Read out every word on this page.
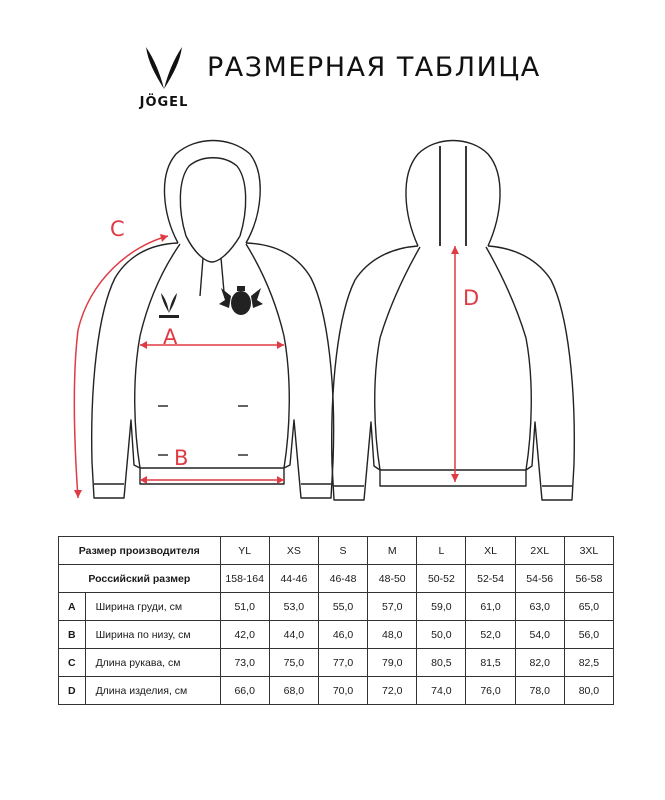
JÖGEL
РАЗМЕРНАЯ ТАБЛИЦА
A
B
C
D
Размер производителя		YL	XS	S	M	L	XL	2XL	3XL
Российский размер		158-164	44-46	46-48	48-50	50-52	52-54	54-56	56-58
A	Ширина груди, см	51,0	53,0	55,0	57,0	59,0	61,0	63,0	65,0
B	Ширина по низу, см	42,0	44,0	46,0	48,0	50,0	52,0	54,0	56,0
C	Длина рукава, см	73,0	75,0	77,0	79,0	80,5	81,5	82,0	82,5
D	Длина изделия, см	66,0	68,0	70,0	72,0	74,0	76,0	78,0	80,0
